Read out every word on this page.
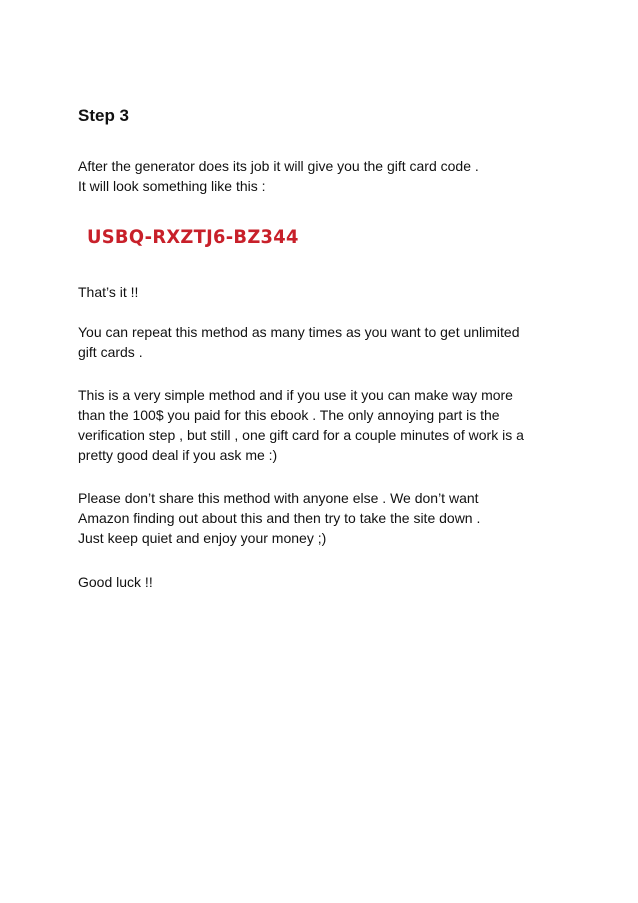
Step 3

After the generator does its job it will give you the gift card code .
It will look something like this :

USBQ-RXZTJ6-BZ344

That’s it !!

You can repeat this method as many times as you want to get unlimited
gift cards .

This is a very simple method and if you use it you can make way more
than the 100$ you paid for this ebook . The only annoying part is the
verification step , but still , one gift card for a couple minutes of work is a
pretty good deal if you ask me :)

Please don’t share this method with anyone else . We don’t want
Amazon finding out about this and then try to take the site down .
Just keep quiet and enjoy your money ;)

Good luck !!
